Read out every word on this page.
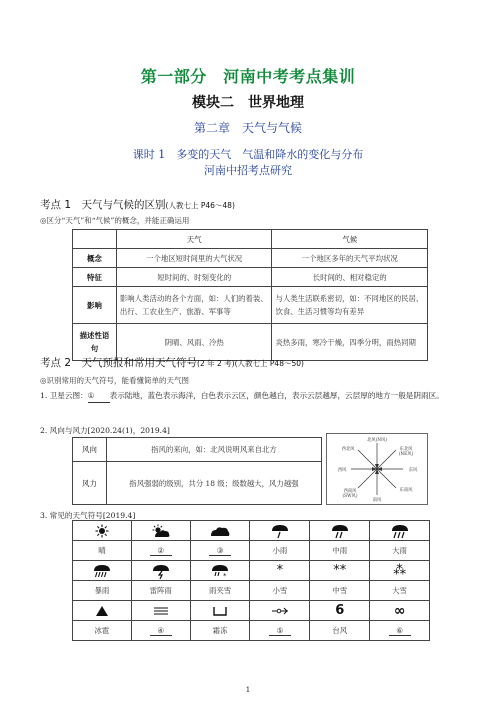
第一部分　河南中考考点集训
模块二　世界地理
第二章　天气与气候
课时 1　多变的天气　气温和降水的变化与分布
河南中招考点研究
考点 1　天气与气候的区别(人教七上 P46～48)
◎区分“天气”和“气候”的概念，并能正确运用
	天气	气候
概念	一个地区短时间里的大气状况	一个地区多年的天气平均状况
特征	短时间的、时刻变化的	长时间的、相对稳定的
影响	影响人类活动的各个方面，如：人们的着装、出行、工农业生产、旅游、军事等	与人类生活联系密切，如：不同地区的民居、饮食、生活习惯等均有差异
描述性语句	阴晴、风雨、冷热	炎热多雨，寒冷干燥，四季分明，雨热同期
考点 2　天气预报和常用天气符号(2 年 2 考)(人教七上 P48～50)
◎识别常用的天气符号，能看懂简单的天气图
1. 卫星云图：① 表示陆地，蓝色表示海洋，白色表示云区，颜色越白，表示云层越厚，云层厚的地方一般是阴雨区。
2. 风向与风力[2020.24(1)，2019.4]
风向	指风的来向，如：北风说明风来自北方
风力	指风强弱的级别，共分 18 级；级数越大，风力越强
北风(N风)
西北风	东北风
(NE风)
西风	东风
东南风
西南风
(SW风)
南风
3. 常见的天气符号[2019.4]

晴	②	③	小雨	中雨	大雨

*	*	**	⁂
暴雨	雷阵雨	雨夹雪	小雪	中雪	大雪

	6	∞
冰雹	④	霜冻	⑤	台风	⑥
1
